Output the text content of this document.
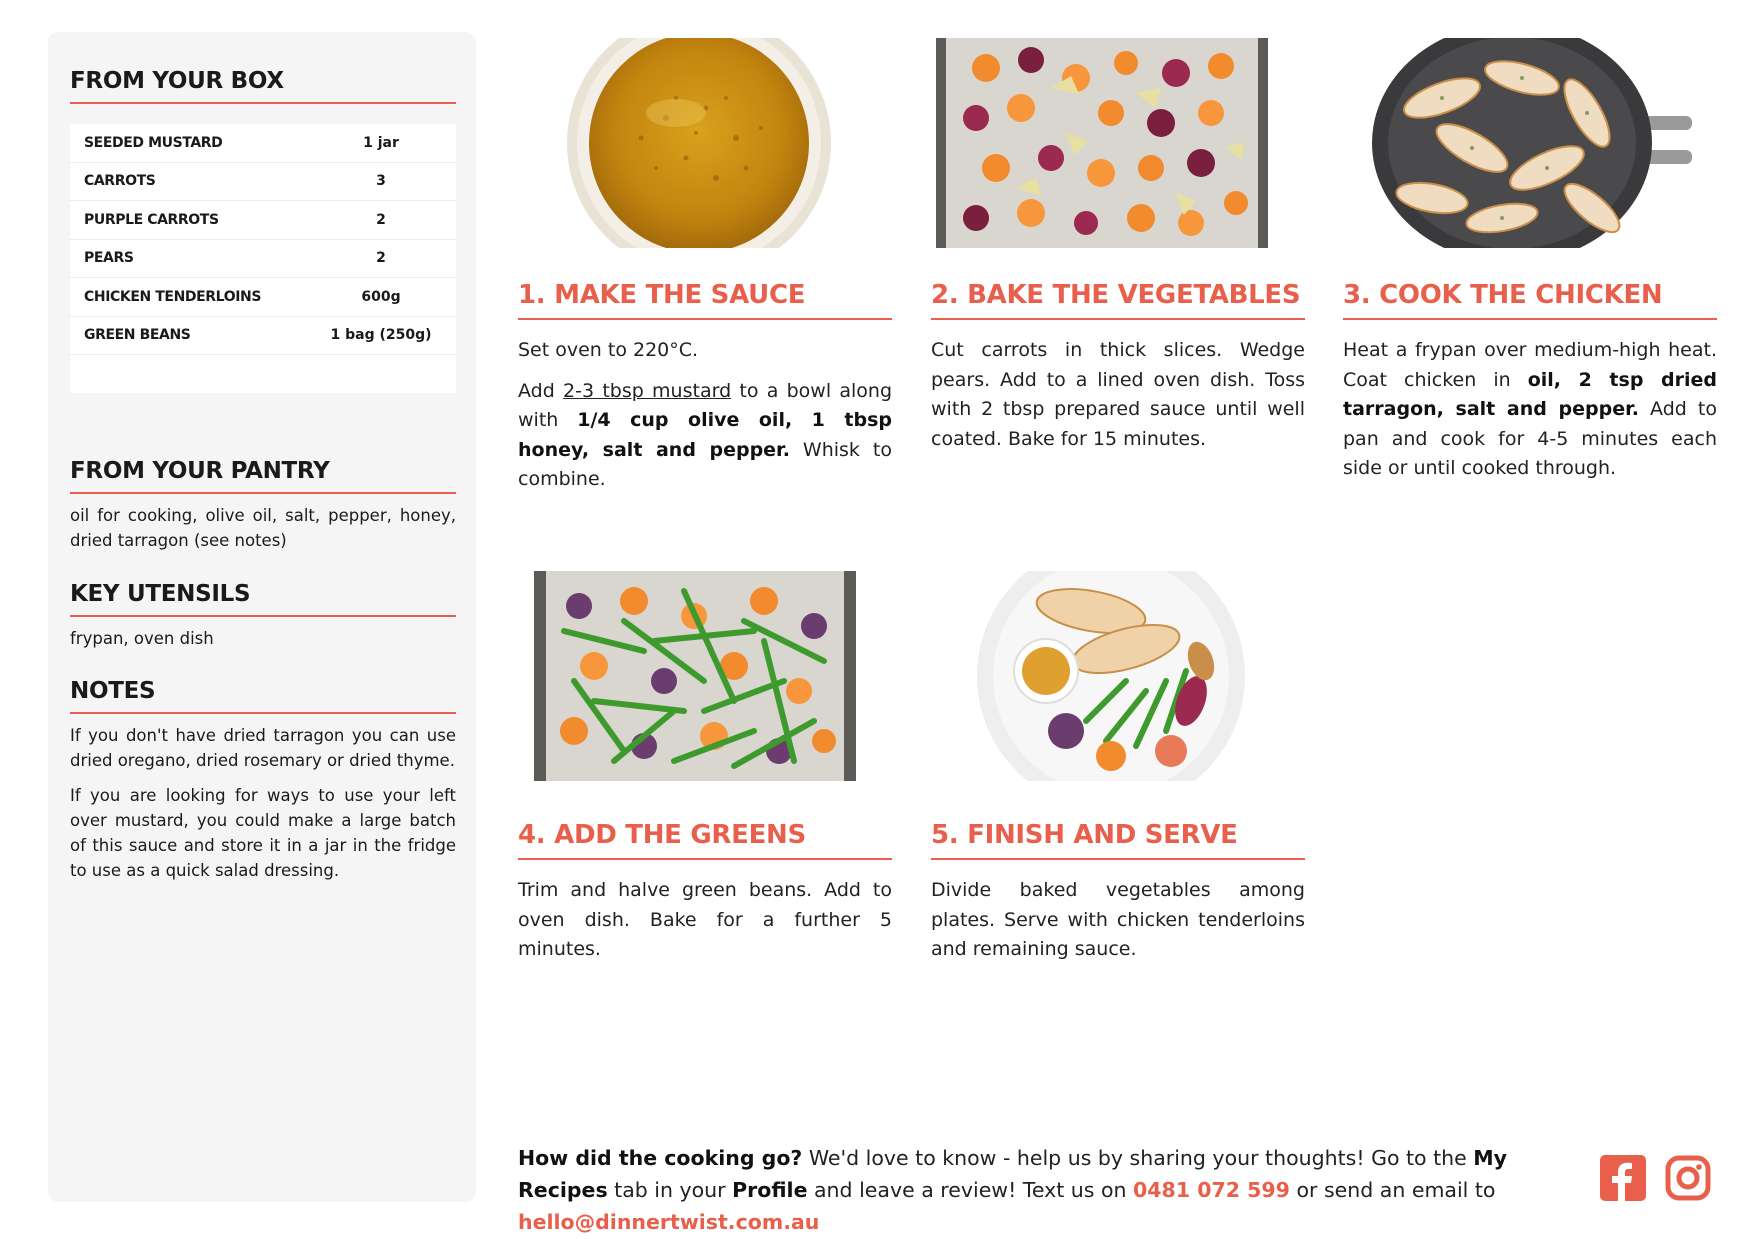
FROM YOUR BOX
SEEDED MUSTARD	1 jar
CARROTS	3
PURPLE CARROTS	2
PEARS	2
CHICKEN TENDERLOINS	600g
GREEN BEANS	1 bag (250g)
FROM YOUR PANTRY
oil for cooking, olive oil, salt, pepper, honey, dried tarragon (see notes)
KEY UTENSILS
frypan, oven dish
NOTES
If you don't have dried tarragon you can use dried oregano, dried rosemary or dried thyme.
If you are looking for ways to use your left over mustard, you could make a large batch of this sauce and store it in a jar in the fridge to use as a quick salad dressing.
1. MAKE THE SAUCE

Set oven to 220°C.

Add 2-3 tbsp mustard to a bowl along with 1/4 cup olive oil, 1 tbsp honey, salt and pepper. Whisk to combine.

2. BAKE THE VEGETABLES

Cut carrots in thick slices. Wedge pears. Add to a lined oven dish. Toss with 2 tbsp prepared sauce until well coated. Bake for 15 minutes.

3. COOK THE CHICKEN

Heat a frypan over medium-high heat. Coat chicken in oil, 2 tsp dried tarragon, salt and pepper. Add to pan and cook for 4-5 minutes each side or until cooked through.

4. ADD THE GREENS

Trim and halve green beans. Add to oven dish. Bake for a further 5 minutes.

5. FINISH AND SERVE

Divide baked vegetables among plates. Serve with chicken tenderloins and remaining sauce.

How did the cooking go? We'd love to know - help us by sharing your thoughts! Go to the My Recipes tab in your Profile and leave a review! Text us on 0481 072 599 or send an email to hello@dinnertwist.com.au
